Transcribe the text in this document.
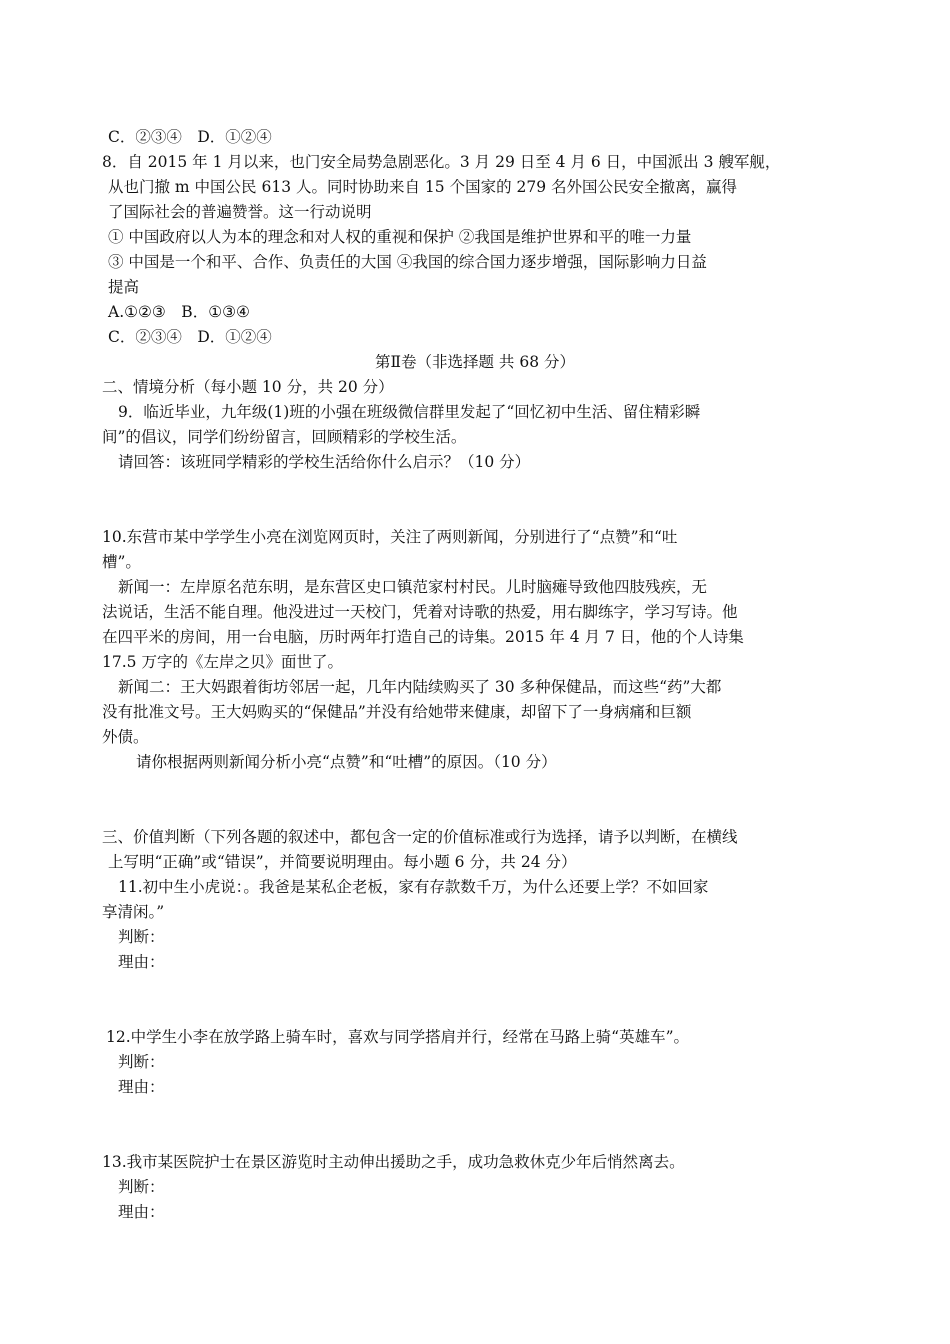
C．②③④　D．①②④
8．自 2015 年 1 月以来，也门安全局势急剧恶化。3 月 29 日至 4 月 6 日，中国派出 3 艘军舰，
从也门撤 m 中国公民 613 人。同时协助来自 15 个国家的 279 名外国公民安全撤离，赢得
了国际社会的普遍赞誉。这一行动说明
① 中国政府以人为本的理念和对人权的重视和保护 ②我国是维护世界和平的唯一力量
③ 中国是一个和平、合作、负责任的大国 ④我国的综合国力逐步增强，国际影响力日益
提高
A.①②③　B．①③④
C．②③④　D．①②④
第Ⅱ卷（非选择题 共 68 分）
二、情境分析（每小题 10 分，共 20 分）
9．临近毕业，九年级(1)班的小强在班级微信群里发起了“回忆初中生活、留住精彩瞬
间”的倡议，同学们纷纷留言，回顾精彩的学校生活。
请回答：该班同学精彩的学校生活给你什么启示？（10 分）
10.东营市某中学学生小亮在浏览网页时，关注了两则新闻，分别进行了“点赞”和“吐
槽”。
新闻一：左岸原名范东明，是东营区史口镇范家村村民。儿时脑瘫导致他四肢残疾，无
法说话，生活不能自理。他没进过一天校门，凭着对诗歌的热爱，用右脚练字，学习写诗。他
在四平米的房间，用一台电脑，历时两年打造自己的诗集。2015 年 4 月 7 日，他的个人诗集
17.5 万字的《左岸之贝》面世了。
新闻二：王大妈跟着街坊邻居一起，几年内陆续购买了 30 多种保健品，而这些“药”大都
没有批准文号。王大妈购买的“保健品”并没有给她带来健康，却留下了一身病痛和巨额
外债。
请你根据两则新闻分析小亮“点赞”和“吐槽”的原因。（10 分）
三、价值判断（下列各题的叙述中，都包含一定的价值标准或行为选择，请予以判断，在横线
上写明“正确”或“错误”，并简要说明理由。每小题 6 分，共 24 分）
11.初中生小虎说：。我爸是某私企老板，家有存款数千万，为什么还要上学？不如回家
享清闲。”
判断：
理由：
12.中学生小李在放学路上骑车时，喜欢与同学搭肩并行，经常在马路上骑“英雄车”。
判断：
理由：
13.我市某医院护士在景区游览时主动伸出援助之手，成功急救休克少年后悄然离去。
判断：
理由：
